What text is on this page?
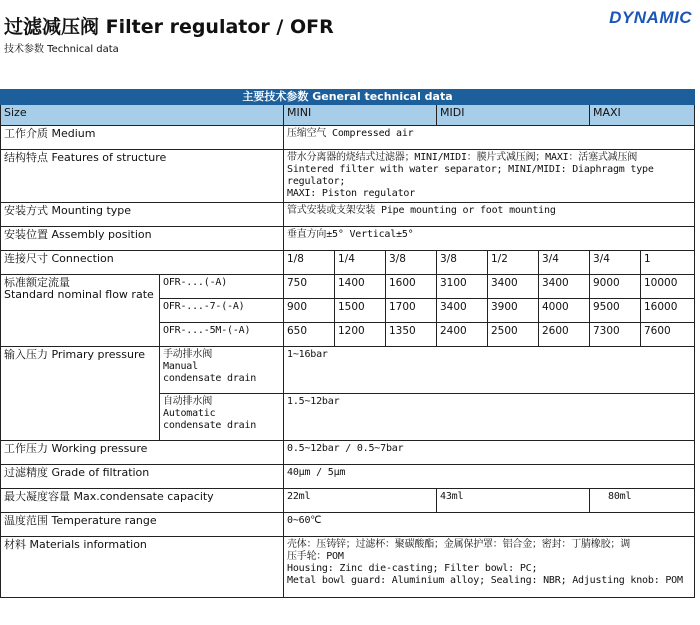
过滤减压阀 Filter regulator / OFR
技术参数 Technical data
DYNAMIC
主要技术参数 General technical data									
Size		MINI			MIDI			MAXI	
工作介质 Medium		压缩空气 Compressed air							
结构特点 Features of structure		带水分离器的烧结式过滤器；MINI/MIDI：膜片式减压阀；MAXI：活塞式减压阀
Sintered filter with water separator; MINI/MIDI: Diaphragm type regulator;
MAXI: Piston regulator							

安装方式 Mounting type		管式安装或支架安装 Pipe mounting or foot mounting							
安装位置 Assembly position		垂直方向±5° Vertical±5°							
连接尺寸 Connection		1/8	1/4	3/8	3/8	1/2	3/4	3/4	1

标准额定流量
Standard nominal flow rate	OFR-...(-A)	750	1400	1600	3100	3400	3400	9000	10000
	OFR-...-7-(-A)	900	1500	1700	3400	3900	4000	9500	16000
	OFR-...-5M-(-A)	650	1200	1350	2400	2500	2600	7300	7600
输入压力 Primary pressure	手动排水阀
Manual
condensate drain	1~16bar							

	自动排水阀
Automatic
condensate drain	1.5~12bar							
工作压力 Working pressure		0.5~12bar / 0.5~7bar							
过滤精度 Grade of filtration		40μm / 5μm							
最大凝度容量 Max.condensate capacity		22ml			43ml			80ml	
温度范围 Temperature range		0~60℃							
材料 Materials information		壳体：压铸锌；过滤杯：聚碳酸酯；金属保护罩：铝合金；密封：丁腈橡胶；调
压手轮：POM
Housing: Zinc die-casting; Filter bowl: PC;
Metal bowl guard: Aluminium alloy; Sealing: NBR; Adjusting knob: POM							
